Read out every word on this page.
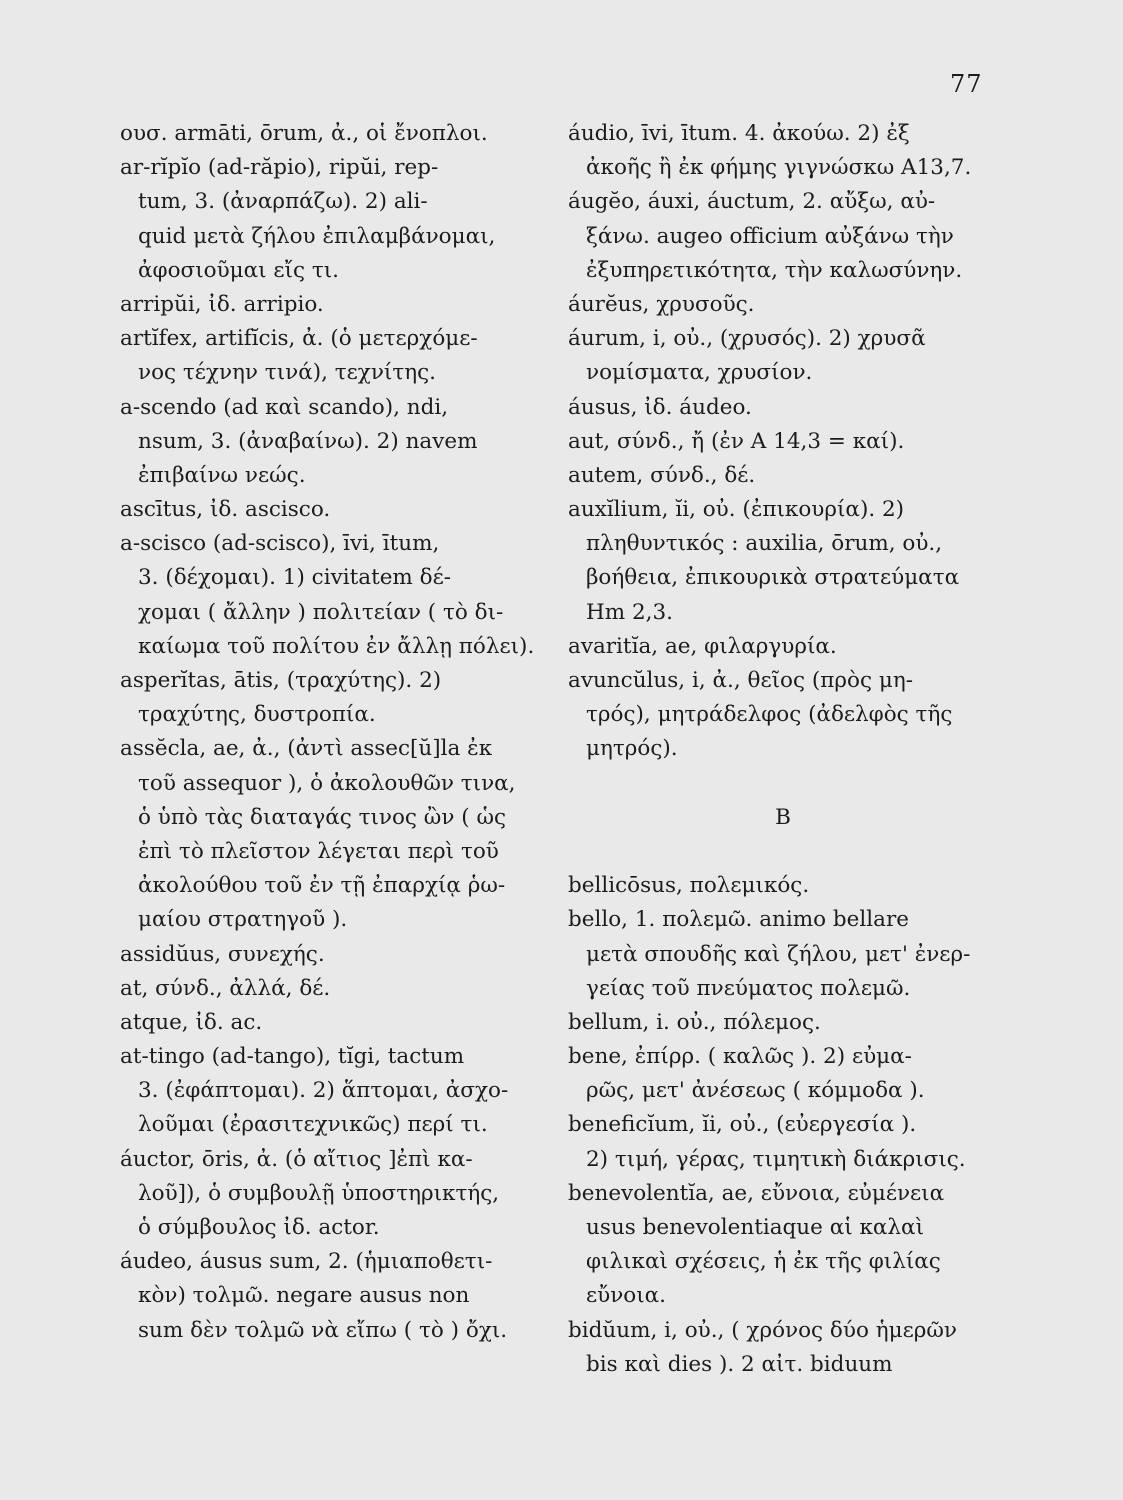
77
ουσ. armāti, ōrum, ἀ., οἱ ἔνοπλοι.
ar-rĭpĭo (ad-răpio), ripŭi, rep-
tum, 3. (ἀναρπάζω). 2) ali-
quid μετὰ ζήλου ἐπιλαμβάνομαι,
ἀφοσιοῦμαι εἴς τι.
arripŭi, ἰδ. arripio.
artĭfex, artifĭcis, ἀ. (ὁ μετερχόμε-
νος τέχνην τινά), τεχνίτης.
a-scendo (ad καὶ scando), ndi,
nsum, 3. (ἀναβαίνω). 2) navem
ἐπιβαίνω νεώς.
ascītus, ἰδ. ascisco.
a-scisco (ad-scisco), īvi, ītum,
3. (δέχομαι). 1) civitatem δέ-
χομαι ( ἄλλην ) πολιτείαν ( τὸ δι-
καίωμα τοῦ πολίτου ἐν ἄλλῃ πόλει).
asperĭtas, ātis, (τραχύτης). 2)
τραχύτης, δυστροπία.
assĕcla, ae, ἀ., (ἀντὶ assec[ŭ]la ἐκ
τοῦ assequor ), ὁ ἀκολουθῶν τινα,
ὁ ὑπὸ τὰς διαταγάς τινος ὢν ( ὡς
ἐπὶ τὸ πλεῖστον λέγεται περὶ τοῦ
ἀκολούθου τοῦ ἐν τῇ ἐπαρχίᾳ ῥω-
μαίου στρατηγοῦ ).
assidŭus, συνεχής.
at, σύνδ., ἀλλά, δέ.
atque, ἰδ. ac.
at-tingo (ad-tango), tĭgi, tactum
3. (ἐφάπτομαι). 2) ἅπτομαι, ἀσχο-
λοῦμαι (ἐρασιτεχνικῶς) περί τι.
áuctor, ōris, ἀ. (ὁ αἴτιος ]ἐπὶ κα-
λοῦ]), ὁ συμβουλῇ ὑποστηρικτής,
ὁ σύμβουλος ἰδ. actor.
áudeo, áusus sum, 2. (ἡμιαποθετι-
κὸν) τολμῶ. negare ausus non
sum δὲν τολμῶ νὰ εἴπω ( τὸ ) ὄχι.
áudio, īvi, ītum. 4. ἀκούω. 2) ἐξ
ἀκοῆς ἢ ἐκ φήμης γιγνώσκω A13,7.
áugĕo, áuxi, áuctum, 2. αὔξω, αὐ-
ξάνω. augeo officium αὐξάνω τὴν
ἐξυπηρετικότητα, τὴν καλωσύνην.
áurĕus, χρυσοῦς.
áurum, i, οὐ., (χρυσός). 2) χρυσᾶ
νομίσματα, χρυσίον.
áusus, ἰδ. áudeo.
aut, σύνδ., ἤ (ἐν A 14,3 = καί).
autem, σύνδ., δέ.
auxĭlium, ĭi, οὐ. (ἐπικουρία). 2)
πληθυντικός : auxilia, ōrum, οὐ.,
βοήθεια, ἐπικουρικὰ στρατεύματα
Hm 2,3.
avaritĭa, ae, φιλαργυρία.
avuncŭlus, i, ἀ., θεῖος (πρὸς μη-
τρός), μητράδελφος (ἀδελφὸς τῆς
μητρός).
B
bellicōsus, πολεμικός.
bello, 1. πολεμῶ. animo bellare
μετὰ σπουδῆς καὶ ζήλου, μετ' ἐνερ-
γείας τοῦ πνεύματος πολεμῶ.
bellum, i. οὐ., πόλεμος.
bene, ἐπίρρ. ( καλῶς ). 2) εὐμα-
ρῶς, μετ' ἀνέσεως ( κόμμοδα ).
beneficĭum, ĭi, οὐ., (εὐεργεσία ).
2) τιμή, γέρας, τιμητικὴ διάκρισις.
benevolentĭa, ae, εὔνοια, εὐμένεια
usus benevolentiaque αἱ καλαὶ
φιλικαὶ σχέσεις, ἡ ἐκ τῆς φιλίας
εὔνοια.
bidŭum, i, οὐ., ( χρόνος δύο ἡμερῶν
bis καὶ dies ). 2 αἰτ. biduum
